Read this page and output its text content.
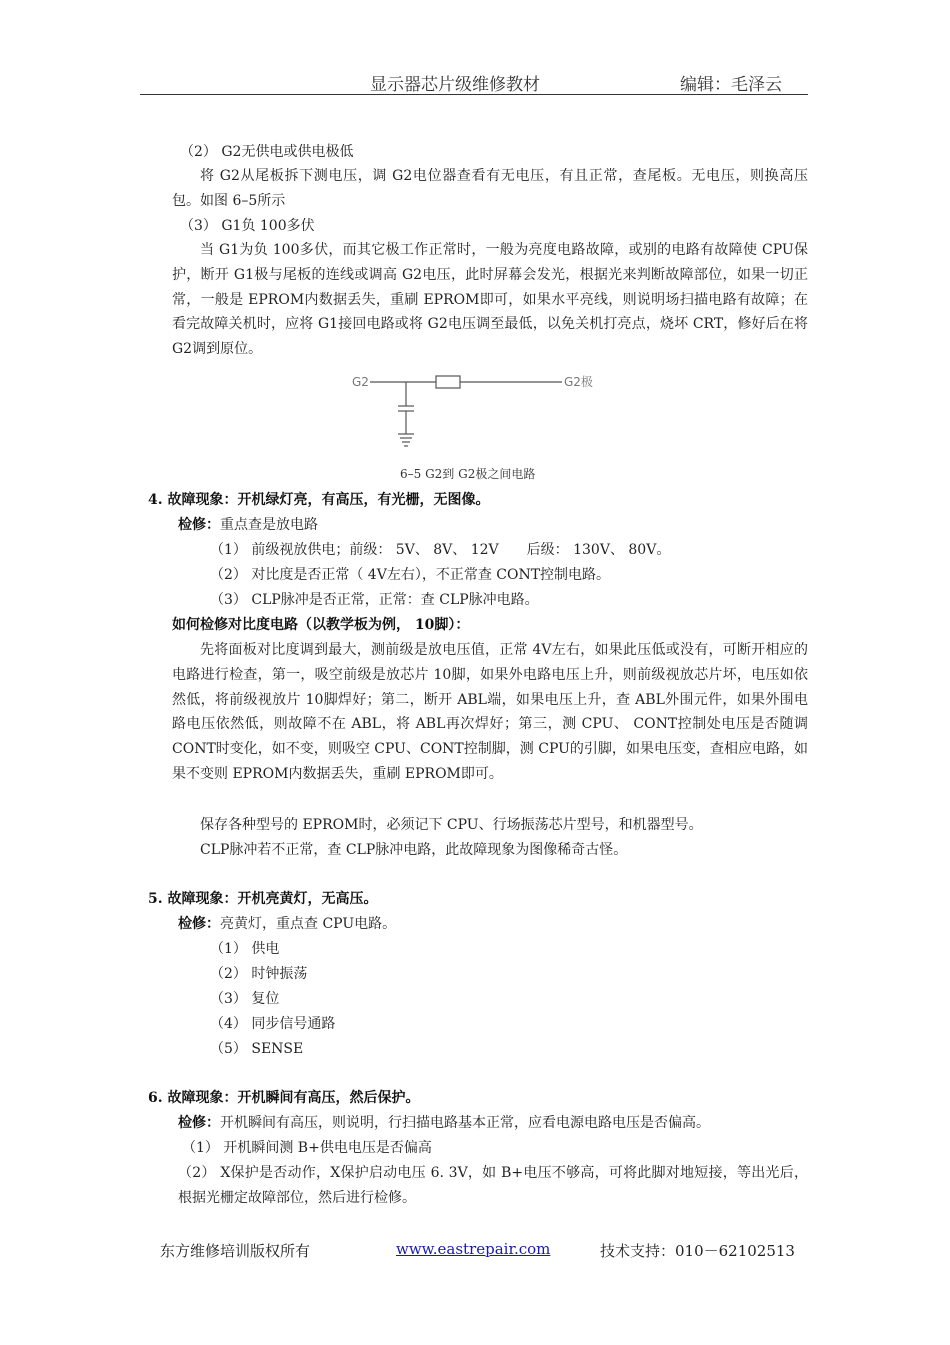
显示器芯片级维修教材	编辑：毛泽云
（2） G2无供电或供电极低
将 G2从尾板拆下测电压，调 G2电位器查看有无电压，有且正常，查尾板。无电压，则换高压包。如图 6–5所示
（3） G1负 100多伏
当 G1为负 100多伏，而其它极工作正常时，一般为亮度电路故障，或别的电路有故障使 CPU保护，断开 G1极与尾板的连线或调高 G2电压，此时屏幕会发光，根据光来判断故障部位，如果一切正常，一般是 EPROM内数据丢失，重刷 EPROM即可，如果水平亮线，则说明场扫描电路有故障；在看完故障关机时，应将 G1接回电路或将 G2电压调至最低，以免关机打亮点，烧坏 CRT，修好后在将 G2调到原位。
G2	G2极
6–5 G2到 G2极之间电路
4. 故障现象：开机绿灯亮，有高压，有光栅，无图像。
检修：重点查是放电路
（1） 前级视放供电；前级： 5V、 8V、 12V　　后级： 130V、 80V。
（2） 对比度是否正常（ 4V左右），不正常查 CONT控制电路。
（3） CLP脉冲是否正常，正常：查 CLP脉冲电路。
如何检修对比度电路（以教学板为例， 10脚）：
先将面板对比度调到最大，测前级是放电压值，正常 4V左右，如果此压低或没有，可断开相应的电路进行检查，第一，吸空前级是放芯片 10脚，如果外电路电压上升，则前级视放芯片坏，电压如依然低，将前级视放片 10脚焊好；第二，断开 ABL端，如果电压上升，查 ABL外围元件，如果外围电路电压依然低，则故障不在 ABL，将 ABL再次焊好；第三，测 CPU、 CONT控制处电压是否随调 CONT时变化，如不变，则吸空 CPU、CONT控制脚，测 CPU的引脚，如果电压变，查相应电路，如果不变则 EPROM内数据丢失，重刷 EPROM即可。
保存各种型号的 EPROM时，必须记下 CPU、行场振荡芯片型号，和机器型号。
CLP脉冲若不正常，查 CLP脉冲电路，此故障现象为图像稀奇古怪。
5. 故障现象：开机亮黄灯，无高压。
检修：亮黄灯，重点查 CPU电路。
（1） 供电
（2） 时钟振荡
（3） 复位
（4） 同步信号通路
（5） SENSE
6. 故障现象：开机瞬间有高压，然后保护。
检修：开机瞬间有高压，则说明，行扫描电路基本正常，应看电源电路电压是否偏高。
（1） 开机瞬间测 B+供电电压是否偏高
（2） X保护是否动作，X保护启动电压 6. 3V，如 B+电压不够高，可将此脚对地短接，等出光后，根据光栅定故障部位，然后进行检修。
东方维修培训版权所有	www.eastrepair.com	技术支持：010－62102513
